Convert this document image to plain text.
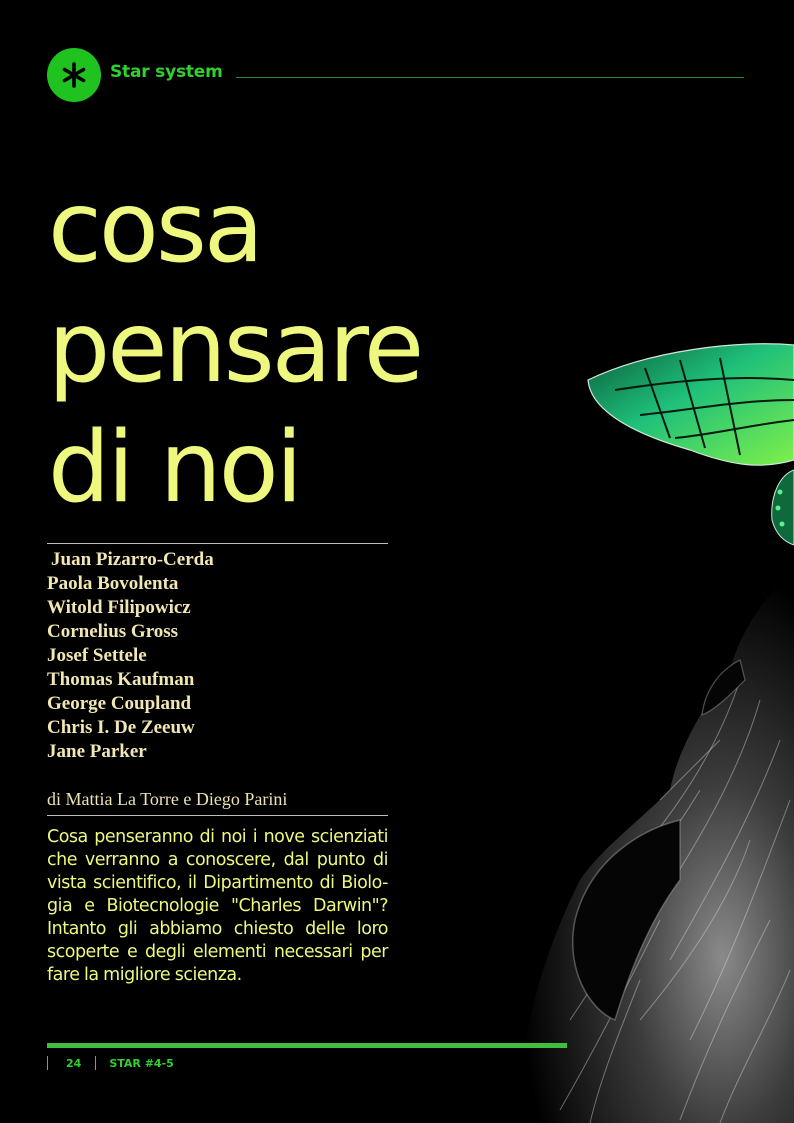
Star system
cosa
pensare
di noi
Juan Pizarro-Cerda
Paola Bovolenta
Witold Filipowicz
Cornelius Gross
Josef Settele
Thomas Kaufman
George Coupland
Chris I. De Zeeuw
Jane Parker
di Mattia La Torre e Diego Parini

Cosa penseranno di noi i nove scienziati che verranno a conoscere, dal punto di vista scientifico, il Dipartimento di Biolo-gia e Biotecnologie "Charles Darwin"? Intanto gli abbiamo chiesto delle loro scoperte e degli elementi necessari per fare la migliore scienza.

24	STAR #4-5
